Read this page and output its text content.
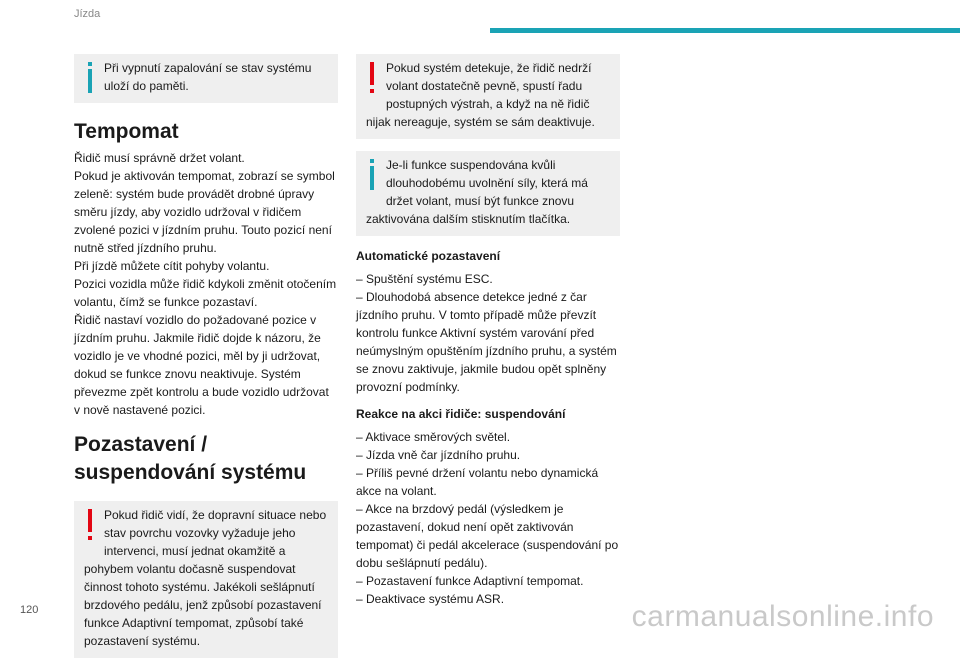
Jízda

Při vypnutí zapalování se stav systému uloží do paměti.

Tempomat

Řidič musí správně držet volant.

Pokud je aktivován tempomat, zobrazí se symbol zeleně: systém bude provádět drobné úpravy směru jízdy, aby vozidlo udržoval v řidičem zvolené pozici v jízdním pruhu. Touto pozicí není nutně střed jízdního pruhu.

Při jízdě můžete cítit pohyby volantu.

Pozici vozidla může řidič kdykoli změnit otočením volantu, čímž se funkce pozastaví.

Řidič nastaví vozidlo do požadované pozice v jízdním pruhu. Jakmile řidič dojde k názoru, že vozidlo je ve vhodné pozici, měl by ji udržovat, dokud se funkce znovu neaktivuje. Systém převezme zpět kontrolu a bude vozidlo udržovat v nově nastavené pozici.

Pozastavení / suspendování systému

Pokud řidič vidí, že dopravní situace nebo stav povrchu vozovky vyžaduje jeho intervenci, musí jednat okamžitě a pohybem volantu dočasně suspendovat činnost tohoto systému. Jakékoli sešlápnutí brzdového pedálu, jenž způsobí pozastavení funkce Adaptivní tempomat, způsobí také pozastavení systému.

Pokud systém detekuje, že řidič nedrží volant dostatečně pevně, spustí řadu postupných výstrah, a když na ně řidič nijak nereaguje, systém se sám deaktivuje.

Je-li funkce suspendována kvůli dlouhodobému uvolnění síly, která má držet volant, musí být funkce znovu zaktivována dalším stisknutím tlačítka.

Automatické pozastavení

– Spuštění systému ESC.

– Dlouhodobá absence detekce jedné z čar jízdního pruhu. V tomto případě může převzít kontrolu funkce Aktivní systém varování před neúmyslným opuštěním jízdního pruhu, a systém se znovu zaktivuje, jakmile budou opět splněny provozní podmínky.

Reakce na akci řidiče: suspendování

– Aktivace směrových světel.

– Jízda vně čar jízdního pruhu.

– Příliš pevné držení volantu nebo dynamická akce na volant.

– Akce na brzdový pedál (výsledkem je pozastavení, dokud není opět zaktivován tempomat) či pedál akcelerace (suspendování po dobu sešlápnutí pedálu).

– Pozastavení funkce Adaptivní tempomat.

– Deaktivace systému ASR.

120	carmanualsonline.info
